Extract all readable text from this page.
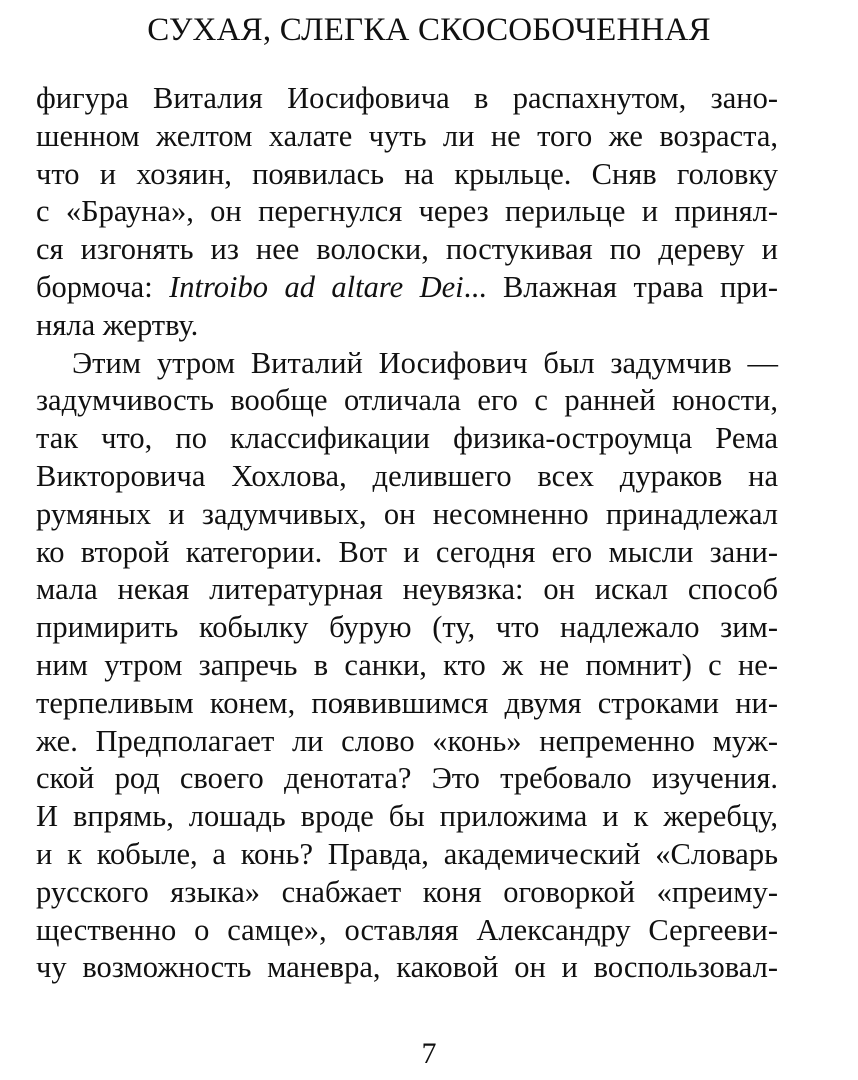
СУХАЯ, СЛЕГКА СКОСОБОЧЕННАЯ
фигура Виталия Иосифовича в распахнутом, зано-
шенном желтом халате чуть ли не того же возраста,
что и хозяин, появилась на крыльце. Сняв головку
с «Брауна», он перегнулся через перильце и принял-
ся изгонять из нее волоски, постукивая по дереву и
бормоча: Introibo ad altare Dei... Влажная трава при-
няла жертву.
Этим утром Виталий Иосифович был задумчив —
задумчивость вообще отличала его с ранней юности,
так что, по классификации физика-остроумца Рема
Викторовича Хохлова, делившего всех дураков на
румяных и задумчивых, он несомненно принадлежал
ко второй категории. Вот и сегодня его мысли зани-
мала некая литературная неувязка: он искал способ
примирить кобылку бурую (ту, что надлежало зим-
ним утром запречь в санки, кто ж не помнит) с не-
терпеливым конем, появившимся двумя строками ни-
же. Предполагает ли слово «конь» непременно муж-
ской род своего денотата? Это требовало изучения.
И впрямь, лошадь вроде бы приложима и к жеребцу,
и к кобыле, а конь? Правда, академический «Словарь
русского языка» снабжает коня оговоркой «преиму-
щественно о самце», оставляя Александру Сергееви-
чу возможность маневра, каковой он и воспользовал-
7
